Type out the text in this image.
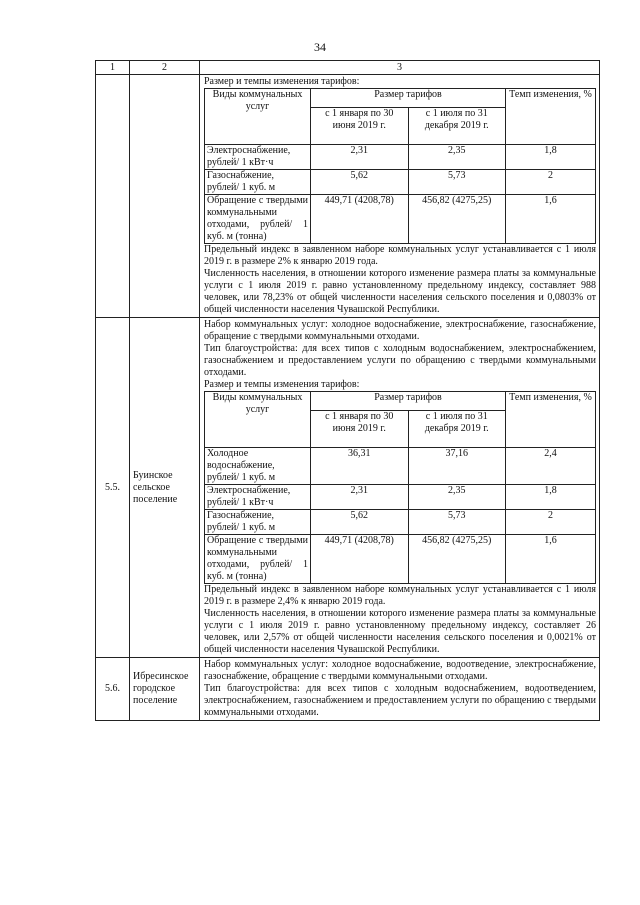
34
1	2	3

Размер и темпы изменения тарифов:
Виды коммунальных услуг	Размер тарифов	Темп изменения, %
с 1 января по 30 июня 2019 г.	с 1 июля по 31 декабря 2019 г.
Электроснабжение, рублей/ 1 кВт·ч	2,31	2,35	1,8
Газоснабжение, рублей/ 1 куб. м	5,62	5,73	2
Обращение с твердыми коммунальными отходами, рублей/ 1 куб. м (тонна)	449,71 (4208,78)	456,82 (4275,25)	1,6

Предельный индекс в заявленном наборе коммунальных услуг устанавливается с 1 июля 2019 г. в размере 2% к январю 2019 года.

Численность населения, в отношении которого изменение размера платы за коммунальные услуги с 1 июля 2019 г. равно установленному предельному индексу, составляет 988 человек, или 78,23% от общей численности населения сельского поселения и 0,0803% от общей численности населения Чувашской Республики.

5.5.	Буинское сельское поселение	

Набор коммунальных услуг: холодное водоснабжение, электроснабжение, газоснабжение, обращение с твердыми коммунальными отходами.

Тип благоустройства: для всех типов с холодным водоснабжением, электроснабжением, газоснабжением и предоставлением услуги по обращению с твердыми коммунальными отходами.

Размер и темпы изменения тарифов:
Виды коммунальных услуг	Размер тарифов	Темп изменения, %
с 1 января по 30 июня 2019 г.	с 1 июля по 31 декабря 2019 г.
Холодное водоснабжение, рублей/ 1 куб. м	36,31	37,16	2,4
Электроснабжение, рублей/ 1 кВт·ч	2,31	2,35	1,8
Газоснабжение, рублей/ 1 куб. м	5,62	5,73	2
Обращение с твердыми коммунальными отходами, рублей/ 1 куб. м (тонна)	449,71 (4208,78)	456,82 (4275,25)	1,6

Предельный индекс в заявленном наборе коммунальных услуг устанавливается с 1 июля 2019 г. в размере 2,4% к январю 2019 года.

Численность населения, в отношении которого изменение размера платы за коммунальные услуги с 1 июля 2019 г. равно установленному предельному индексу, составляет 26 человек, или 2,57% от общей численности населения сельского поселения и 0,0021% от общей численности населения Чувашской Республики.

5.6.	Ибресинское городское поселение	

Набор коммунальных услуг: холодное водоснабжение, водоотведение, электроснабжение, газоснабжение, обращение с твердыми коммунальными отходами.

Тип благоустройства: для всех типов с холодным водоснабжением, водоотведением, электроснабжением, газоснабжением и предоставлением услуги по обращению с твердыми коммунальными отходами.
